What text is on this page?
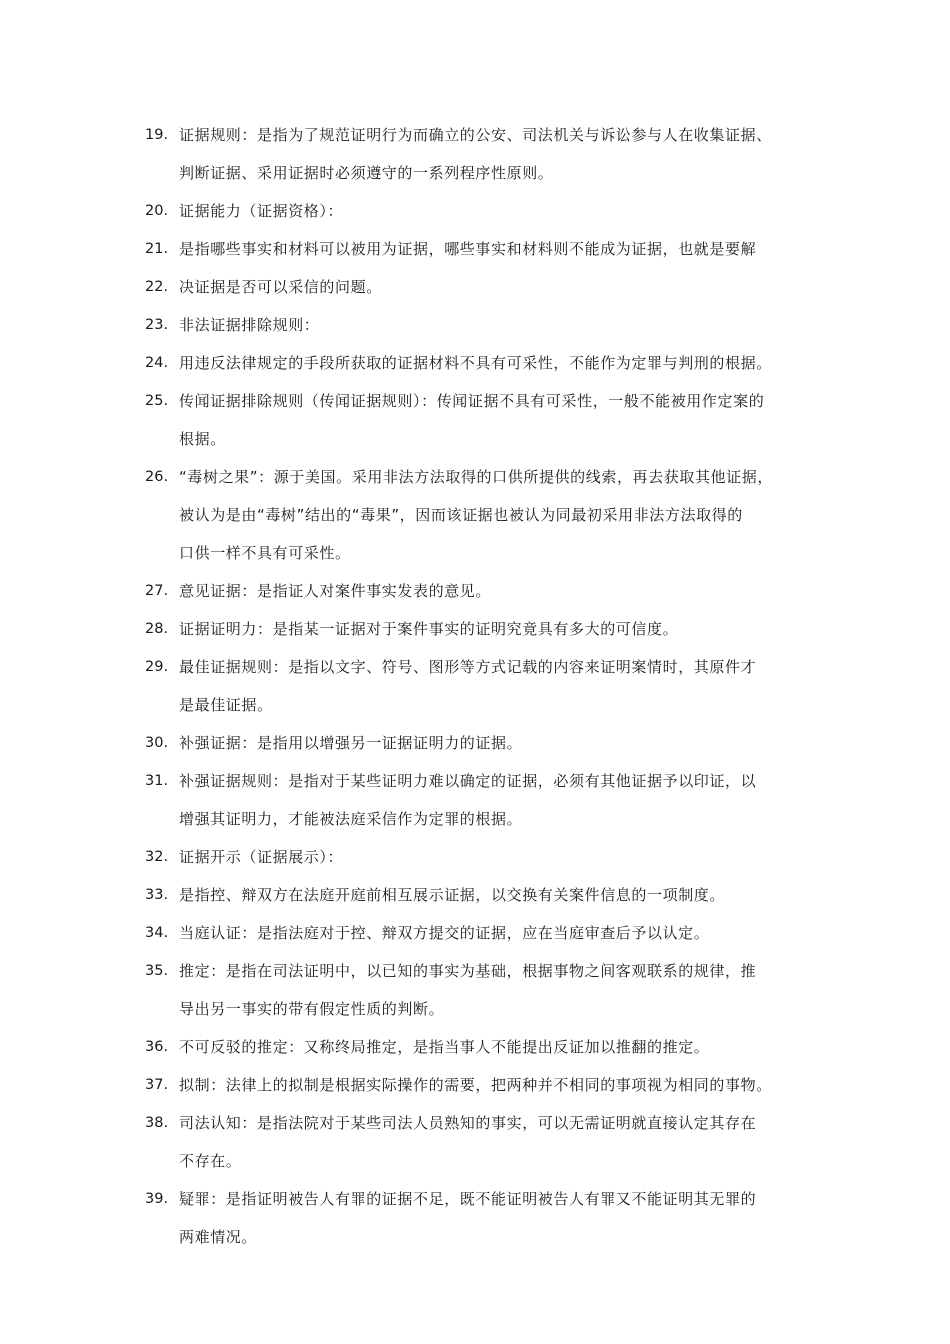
19. 证据规则：是指为了规范证明行为而确立的公安、司法机关与诉讼参与人在收集证据、
判断证据、采用证据时必须遵守的一系列程序性原则。
20. 证据能力（证据资格）：
21. 是指哪些事实和材料可以被用为证据，哪些事实和材料则不能成为证据，也就是要解
22. 决证据是否可以采信的问题。
23. 非法证据排除规则：
24. 用违反法律规定的手段所获取的证据材料不具有可采性，不能作为定罪与判刑的根据。
25. 传闻证据排除规则（传闻证据规则）：传闻证据不具有可采性，一般不能被用作定案的
根据。
26. “毒树之果”：源于美国。采用非法方法取得的口供所提供的线索，再去获取其他证据，
被认为是由“毒树”结出的“毒果”，因而该证据也被认为同最初采用非法方法取得的
口供一样不具有可采性。
27. 意见证据：是指证人对案件事实发表的意见。
28. 证据证明力：是指某一证据对于案件事实的证明究竟具有多大的可信度。
29. 最佳证据规则：是指以文字、符号、图形等方式记载的内容来证明案情时，其原件才
是最佳证据。
30. 补强证据：是指用以增强另一证据证明力的证据。
31. 补强证据规则：是指对于某些证明力难以确定的证据，必须有其他证据予以印证，以
增强其证明力，才能被法庭采信作为定罪的根据。
32. 证据开示（证据展示）：
33. 是指控、辩双方在法庭开庭前相互展示证据，以交换有关案件信息的一项制度。
34. 当庭认证：是指法庭对于控、辩双方提交的证据，应在当庭审查后予以认定。
35. 推定：是指在司法证明中，以已知的事实为基础，根据事物之间客观联系的规律，推
导出另一事实的带有假定性质的判断。
36. 不可反驳的推定：又称终局推定，是指当事人不能提出反证加以推翻的推定。
37. 拟制：法律上的拟制是根据实际操作的需要，把两种并不相同的事项视为相同的事物。
38. 司法认知：是指法院对于某些司法人员熟知的事实，可以无需证明就直接认定其存在
不存在。
39. 疑罪：是指证明被告人有罪的证据不足，既不能证明被告人有罪又不能证明其无罪的
两难情况。
